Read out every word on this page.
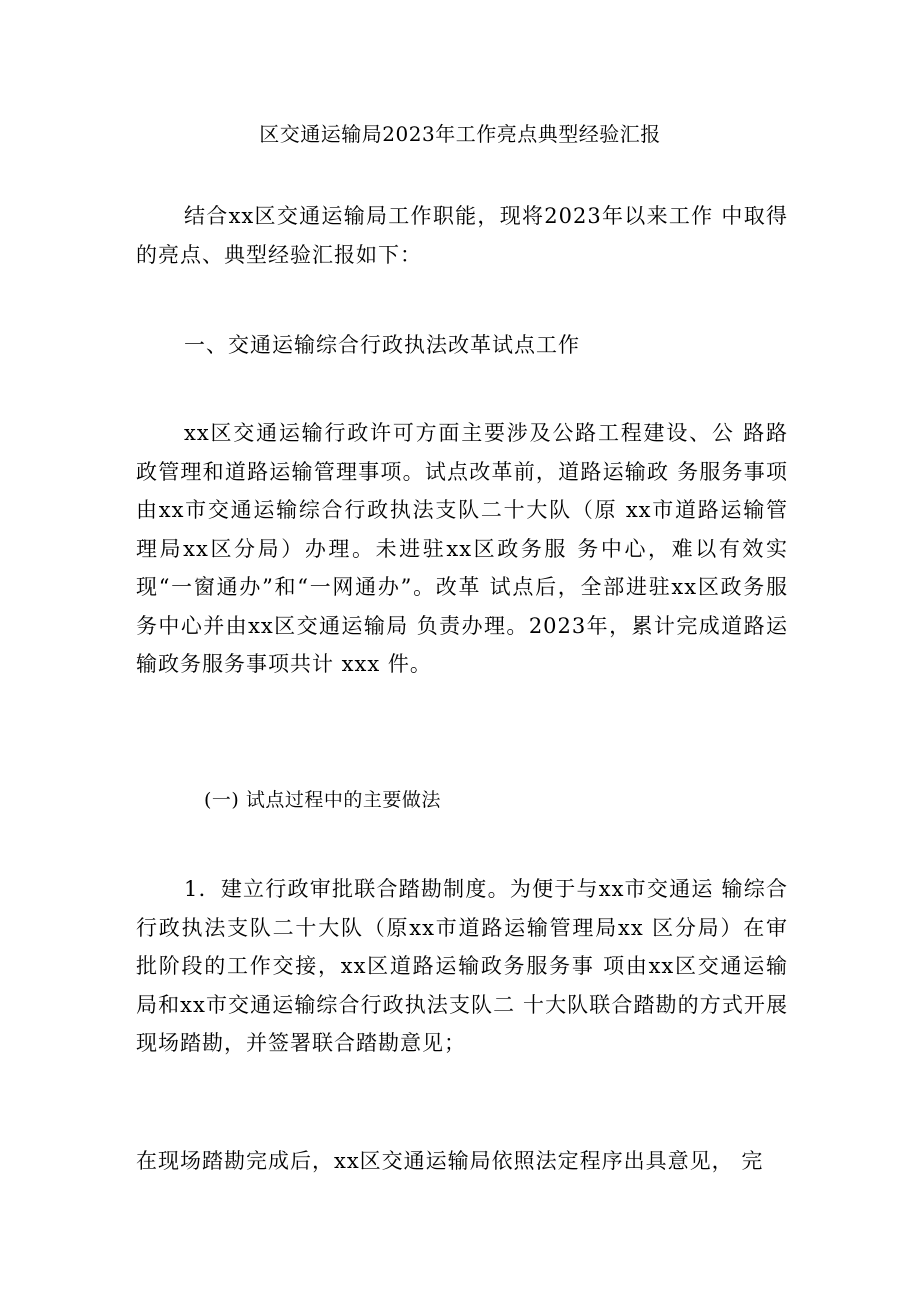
区交通运输局2023年工作亮点典型经验汇报
结合xx区交通运输局工作职能，现将2023年以来工作 中取得的亮点、典型经验汇报如下：
一、交通运输综合行政执法改革试点工作
xx区交通运输行政许可方面主要涉及公路工程建设、公 路路政管理和道路运输管理事项。试点改革前，道路运输政 务服务事项由xx市交通运输综合行政执法支队二十大队（原 xx市道路运输管理局xx区分局）办理。未进驻xx区政务服 务中心，难以有效实现“一窗通办”和“一网通办”。改革 试点后，全部进驻xx区政务服务中心并由xx区交通运输局 负责办理。2023年，累计完成道路运输政务服务事项共计 xxx 件。
(一) 试点过程中的主要做法
1．建立行政审批联合踏勘制度。为便于与xx市交通运 输综合行政执法支队二十大队（原xx市道路运输管理局xx 区分局）在审批阶段的工作交接，xx区道路运输政务服务事 项由xx区交通运输局和xx市交通运输综合行政执法支队二 十大队联合踏勘的方式开展现场踏勘，并签署联合踏勘意见；
在现场踏勘完成后，xx区交通运输局依照法定程序出具意见， 完
